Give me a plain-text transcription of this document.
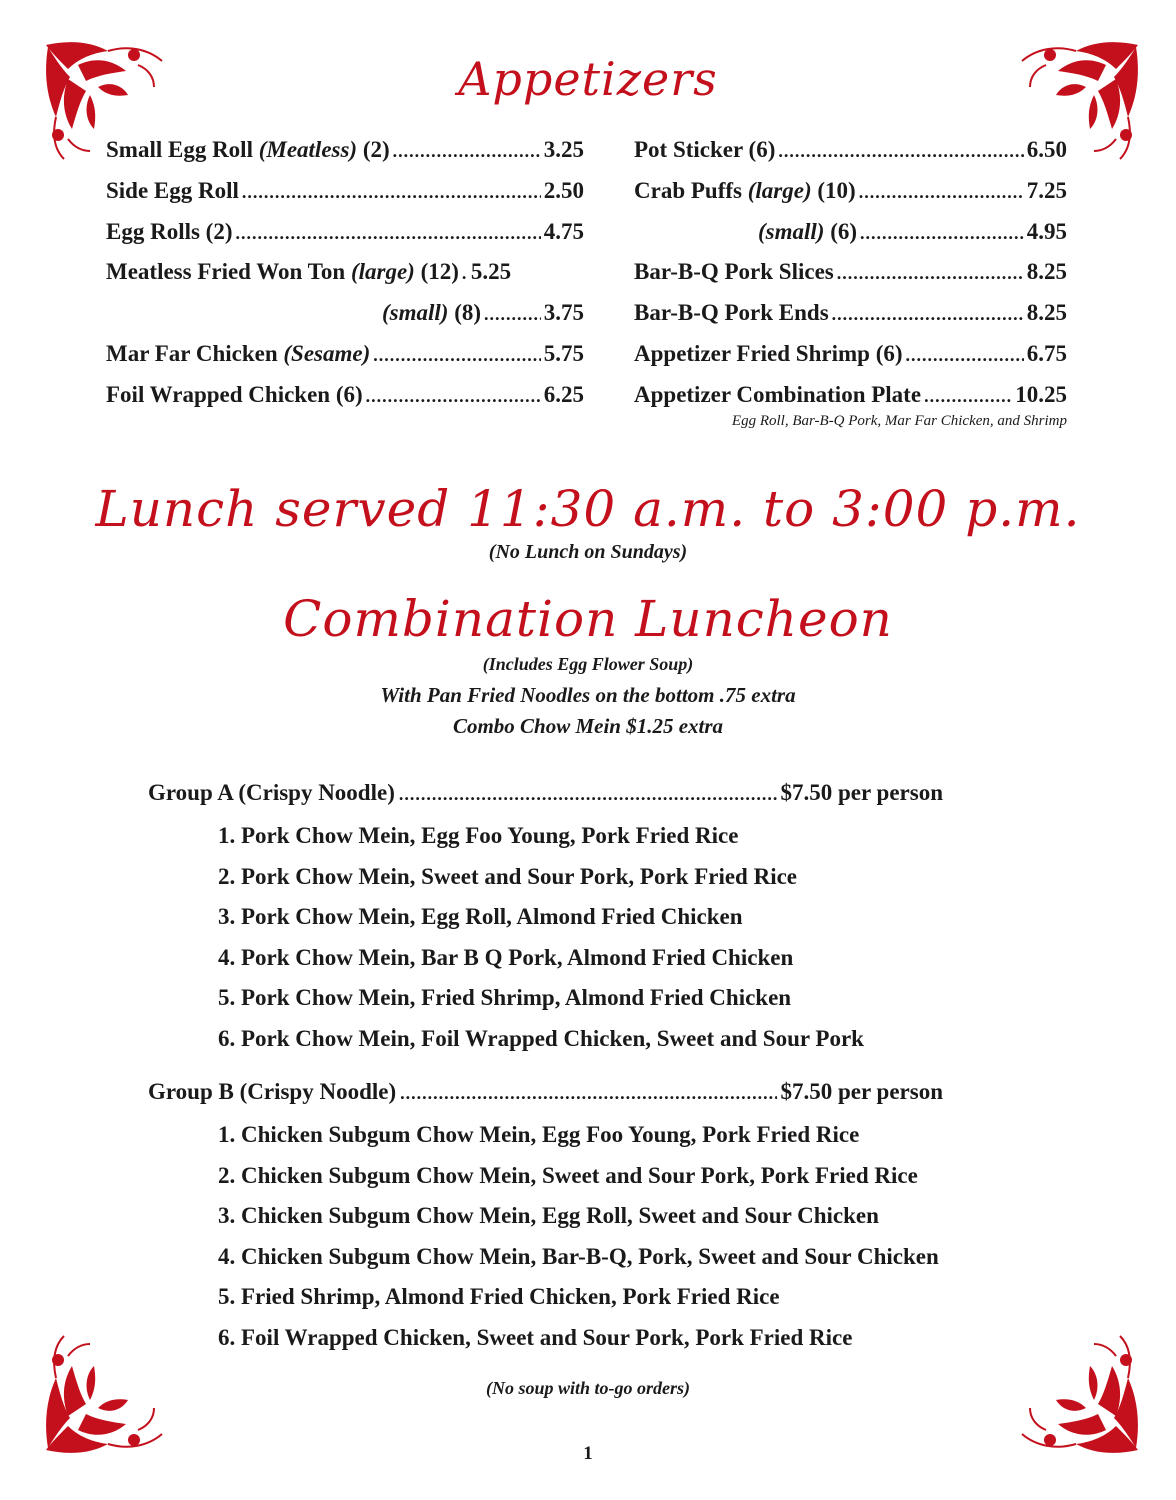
Appetizers
Small Egg Roll (Meatless) (2) .....	3.25
Side Egg Roll .....	2.50
Egg Rolls (2) .....	4.75
Meatless Fried Won Ton (large) (12) ..... 5.25
(small) (8) .....	3.75
Mar Far Chicken (Sesame) .....	5.75
Foil Wrapped Chicken (6) .....	6.25
Pot Sticker (6) .....	6.50
Crab Puffs (large) (10) .....	7.25
(small) (6) .....	4.95
Bar-B-Q Pork Slices .....	8.25
Bar-B-Q Pork Ends .....	8.25
Appetizer Fried Shrimp (6) .....	6.75
Appetizer Combination Plate .....	10.25
Egg Roll, Bar-B-Q Pork, Mar Far Chicken, and Shrimp
Lunch served 11:30 a.m. to 3:00 p.m.
(No Lunch on Sundays)
Combination Luncheon
(Includes Egg Flower Soup)
With Pan Fried Noodles on the bottom .75 extra
Combo Chow Mein $1.25 extra
Group A (Crispy Noodle) .....	$7.50 per person
1. Pork Chow Mein, Egg Foo Young, Pork Fried Rice
2. Pork Chow Mein, Sweet and Sour Pork, Pork Fried Rice
3. Pork Chow Mein, Egg Roll, Almond Fried Chicken
4. Pork Chow Mein, Bar B Q Pork, Almond Fried Chicken
5. Pork Chow Mein, Fried Shrimp, Almond Fried Chicken
6. Pork Chow Mein, Foil Wrapped Chicken, Sweet and Sour Pork
Group B (Crispy Noodle) .....	$7.50 per person
1. Chicken Subgum Chow Mein, Egg Foo Young, Pork Fried Rice
2. Chicken Subgum Chow Mein, Sweet and Sour Pork, Pork Fried Rice
3. Chicken Subgum Chow Mein, Egg Roll, Sweet and Sour Chicken
4. Chicken Subgum Chow Mein, Bar-B-Q, Pork, Sweet and Sour Chicken
5. Fried Shrimp, Almond Fried Chicken, Pork Fried Rice
6. Foil Wrapped Chicken, Sweet and Sour Pork, Pork Fried Rice
(No soup with to-go orders)
1
